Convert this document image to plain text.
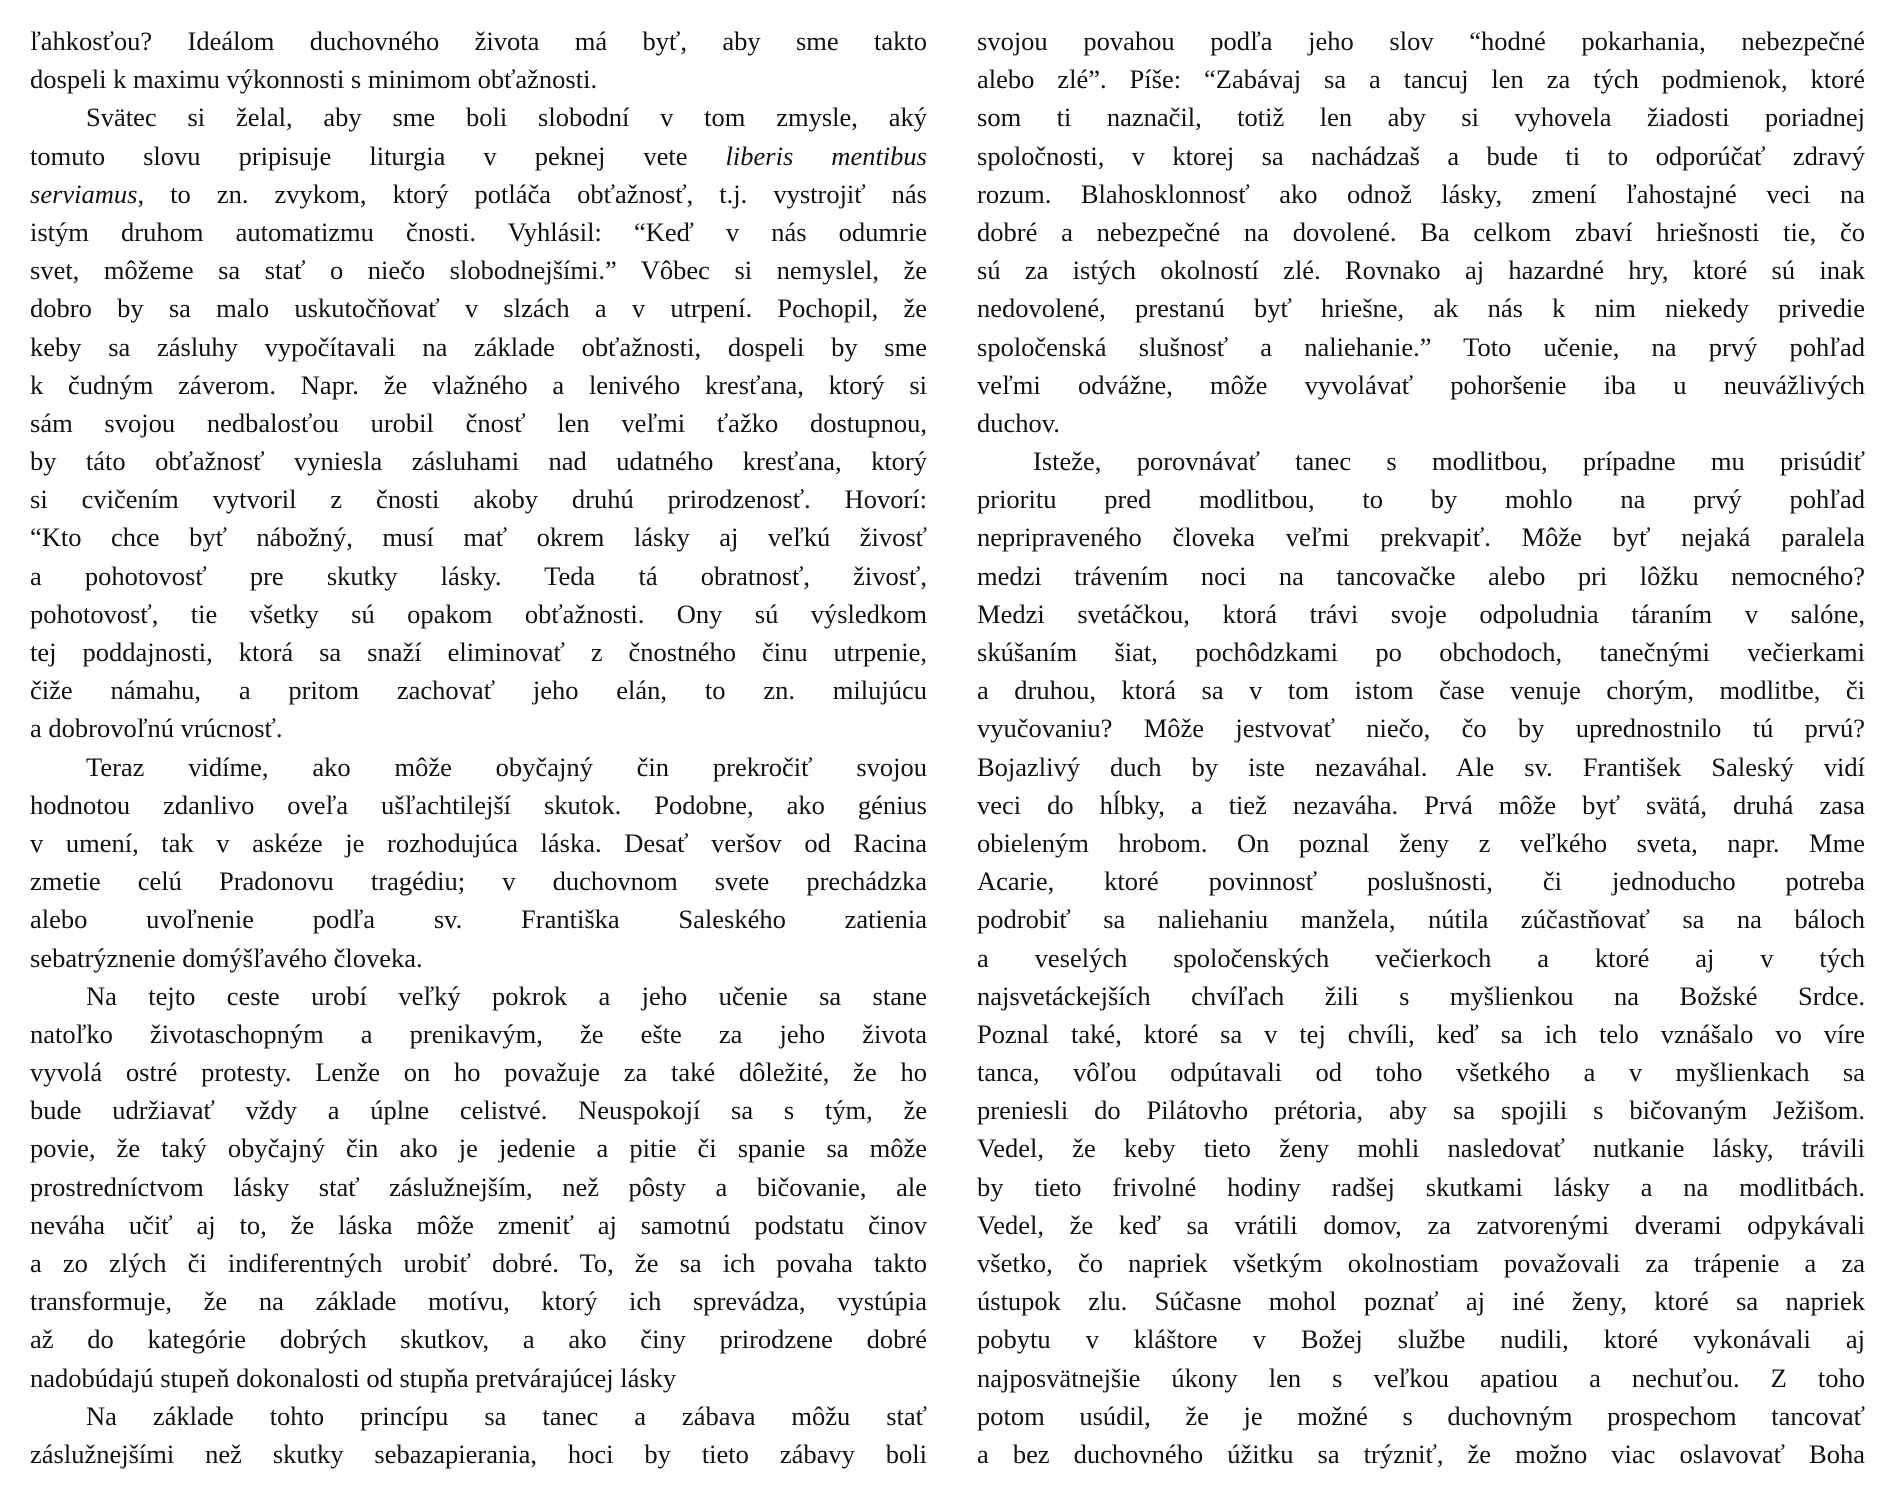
ľahkosťou? Ideálom duchovného života má byť, aby sme takto
dospeli k maximu výkonnosti s minimom obťažnosti.
Svätec si želal, aby sme boli slobodní v tom zmysle, aký
tomuto slovu pripisuje liturgia v peknej vete liberis mentibus
serviamus, to zn. zvykom, ktorý potláča obťažnosť, t.j. vystrojiť nás
istým druhom automatizmu čnosti. Vyhlásil: “Keď v nás odumrie
svet, môžeme sa stať o niečo slobodnejšími.” Vôbec si nemyslel, že
dobro by sa malo uskutočňovať v slzách a v utrpení. Pochopil, že
keby sa zásluhy vypočítavali na základe obťažnosti, dospeli by sme
k čudným záverom. Napr. že vlažného a lenivého kresťana, ktorý si
sám svojou nedbalosťou urobil čnosť len veľmi ťažko dostupnou,
by táto obťažnosť vyniesla zásluhami nad udatného kresťana, ktorý
si cvičením vytvoril z čnosti akoby druhú prirodzenosť. Hovorí:
“Kto chce byť nábožný, musí mať okrem lásky aj veľkú živosť
a pohotovosť pre skutky lásky. Teda tá obratnosť, živosť,
pohotovosť, tie všetky sú opakom obťažnosti. Ony sú výsledkom
tej poddajnosti, ktorá sa snaží eliminovať z čnostného činu utrpenie,
čiže námahu, a pritom zachovať jeho elán, to zn. milujúcu
a dobrovoľnú vrúcnosť.
Teraz vidíme, ako môže obyčajný čin prekročiť svojou
hodnotou zdanlivo oveľa ušľachtilejší skutok. Podobne, ako génius
v umení, tak v askéze je rozhodujúca láska. Desať veršov od Racina
zmetie celú Pradonovu tragédiu; v duchovnom svete prechádzka
alebo uvoľnenie podľa sv. Františka Saleského zatienia
sebatrýznenie domýšľavého človeka.
Na tejto ceste urobí veľký pokrok a jeho učenie sa stane
natoľko životaschopným a prenikavým, že ešte za jeho života
vyvolá ostré protesty. Lenže on ho považuje za také dôležité, že ho
bude udržiavať vždy a úplne celistvé. Neuspokojí sa s tým, že
povie, že taký obyčajný čin ako je jedenie a pitie či spanie sa môže
prostredníctvom lásky stať záslužnejším, než pôsty a bičovanie, ale
neváha učiť aj to, že láska môže zmeniť aj samotnú podstatu činov
a zo zlých či indiferentných urobiť dobré. To, že sa ich povaha takto
transformuje, že na základe motívu, ktorý ich sprevádza, vystúpia
až do kategórie dobrých skutkov, a ako činy prirodzene dobré
nadobúdajú stupeň dokonalosti od stupňa pretvárajúcej lásky
Na základe tohto princípu sa tanec a zábava môžu stať
záslužnejšími než skutky sebazapierania, hoci by tieto zábavy boli
svojou povahou podľa jeho slov “hodné pokarhania, nebezpečné
alebo zlé”. Píše: “Zabávaj sa a tancuj len za tých podmienok, ktoré
som ti naznačil, totiž len aby si vyhovela žiadosti poriadnej
spoločnosti, v ktorej sa nachádzaš a bude ti to odporúčať zdravý
rozum. Blahosklonnosť ako odnož lásky, zmení ľahostajné veci na
dobré a nebezpečné na dovolené. Ba celkom zbaví hriešnosti tie, čo
sú za istých okolností zlé. Rovnako aj hazardné hry, ktoré sú inak
nedovolené, prestanú byť hriešne, ak nás k nim niekedy privedie
spoločenská slušnosť a naliehanie.” Toto učenie, na prvý pohľad
veľmi odvážne, môže vyvolávať pohoršenie iba u neuvážlivých
duchov.
Isteže, porovnávať tanec s modlitbou, prípadne mu prisúdiť
prioritu pred modlitbou, to by mohlo na prvý pohľad
nepripraveného človeka veľmi prekvapiť. Môže byť nejaká paralela
medzi trávením noci na tancovačke alebo pri lôžku nemocného?
Medzi svetáčkou, ktorá trávi svoje odpoludnia táraním v salóne,
skúšaním šiat, pochôdzkami po obchodoch, tanečnými večierkami
a druhou, ktorá sa v tom istom čase venuje chorým, modlitbe, či
vyučovaniu? Môže jestvovať niečo, čo by uprednostnilo tú prvú?
Bojazlivý duch by iste nezaváhal. Ale sv. František Saleský vidí
veci do hĺbky, a tiež nezaváha. Prvá môže byť svätá, druhá zasa
obieleným hrobom. On poznal ženy z veľkého sveta, napr. Mme
Acarie, ktoré povinnosť poslušnosti, či jednoducho potreba
podrobiť sa naliehaniu manžela, nútila zúčastňovať sa na báloch
a veselých spoločenských večierkoch a ktoré aj v tých
najsvetáckejších chvíľach žili s myšlienkou na Božské Srdce.
Poznal také, ktoré sa v tej chvíli, keď sa ich telo vznášalo vo víre
tanca, vôľou odpútavali od toho všetkého a v myšlienkach sa
preniesli do Pilátovho prétoria, aby sa spojili s bičovaným Ježišom.
Vedel, že keby tieto ženy mohli nasledovať nutkanie lásky, trávili
by tieto frivolné hodiny radšej skutkami lásky a na modlitbách.
Vedel, že keď sa vrátili domov, za zatvorenými dverami odpykávali
všetko, čo napriek všetkým okolnostiam považovali za trápenie a za
ústupok zlu. Súčasne mohol poznať aj iné ženy, ktoré sa napriek
pobytu v kláštore v Božej službe nudili, ktoré vykonávali aj
najposvätnejšie úkony len s veľkou apatiou a nechuťou. Z toho
potom usúdil, že je možné s duchovným prospechom tancovať
a bez duchovného úžitku sa trýzniť, že možno viac oslavovať Boha
